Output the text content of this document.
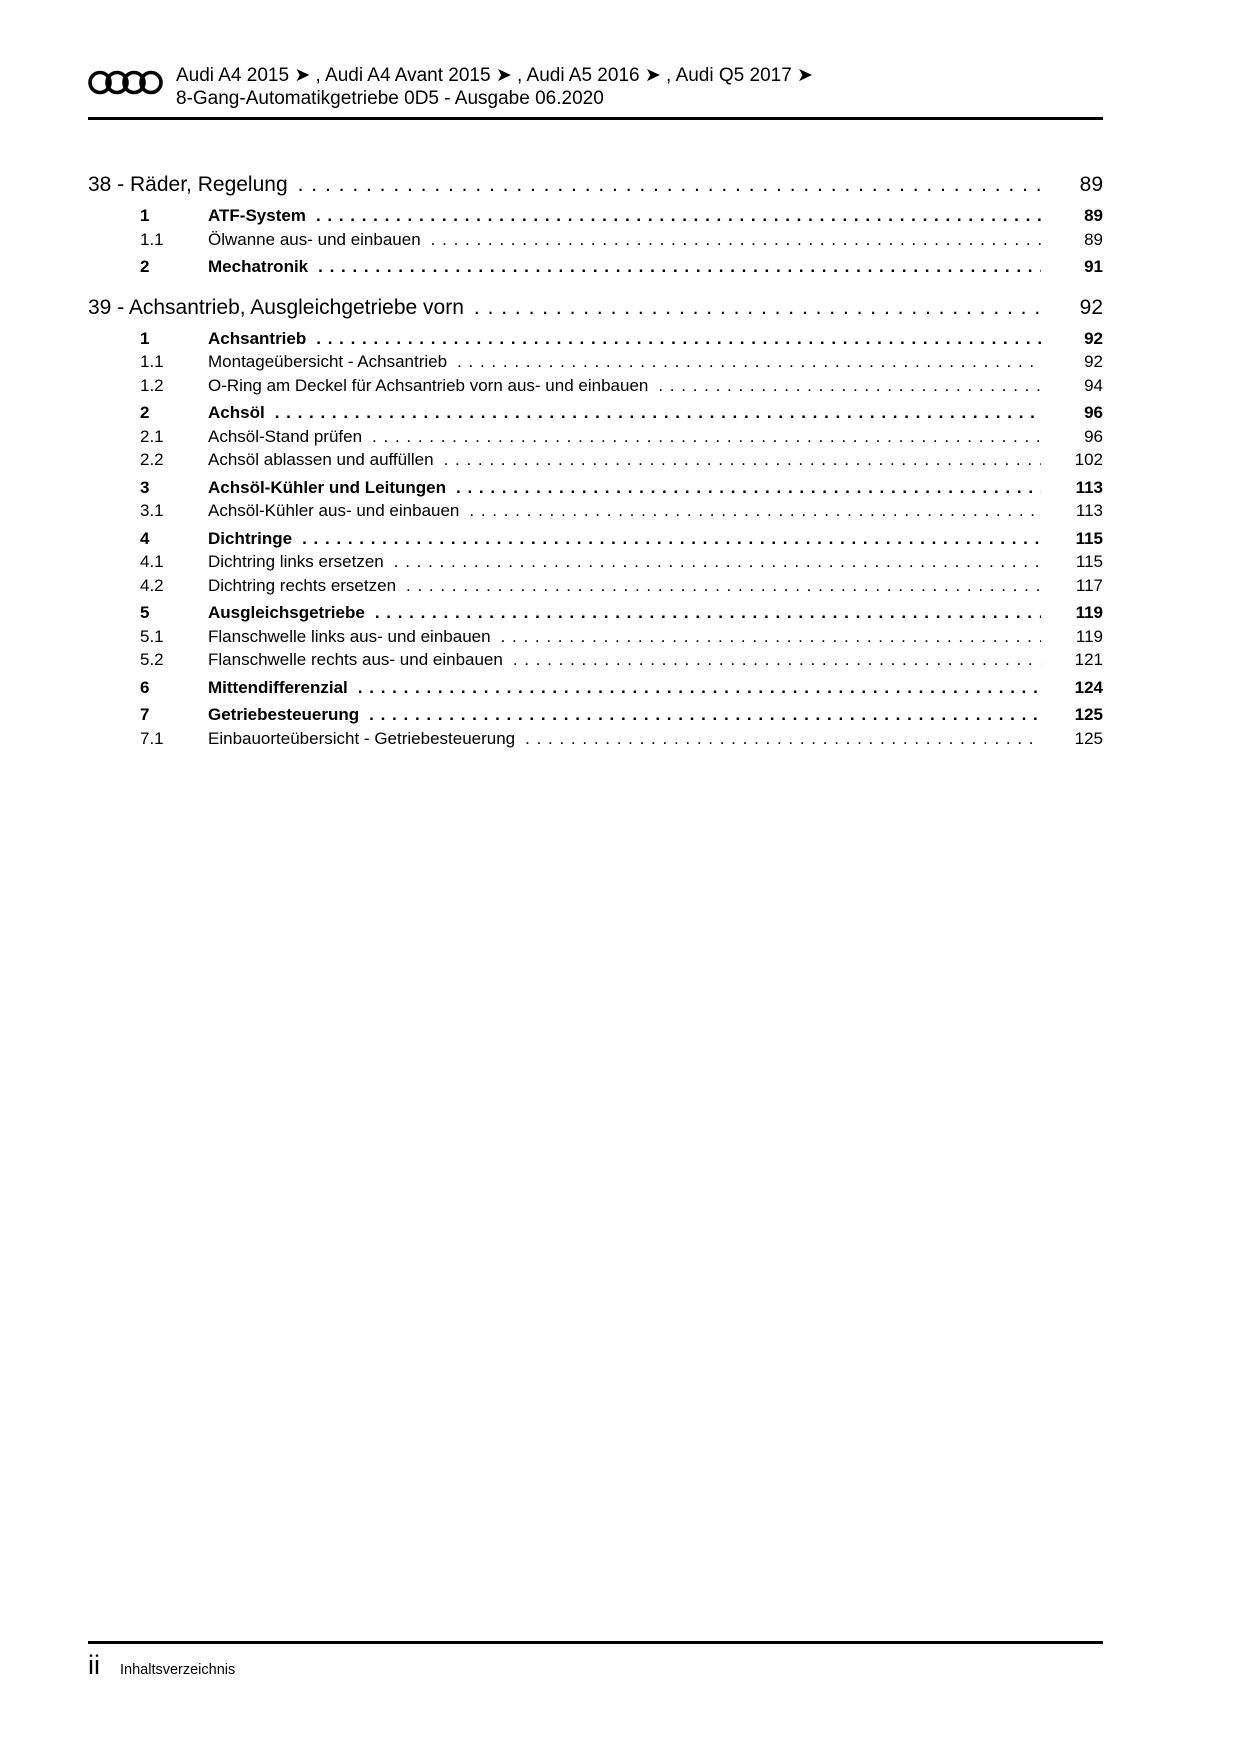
Audi A4 2015 ➤ , Audi A4 Avant 2015 ➤ , Audi A5 2016 ➤ , Audi Q5 2017 ➤
8-Gang-Automatikgetriebe 0D5 - Ausgabe 06.2020
38 - Räder, Regelung . . .	89
1	ATF-System . . .	89
1.1	Ölwanne aus- und einbauen . . .	89
2	Mechatronik . . .	91
39 - Achsantrieb, Ausgleichgetriebe vorn . . .	92
1	Achsantrieb . . .	92
1.1	Montageübersicht - Achsantrieb . . .	92
1.2	O-Ring am Deckel für Achsantrieb vorn aus- und einbauen . . .	94
2	Achsöl . . .	96
2.1	Achsöl-Stand prüfen . . .	96
2.2	Achsöl ablassen und auffüllen . . .	102
3	Achsöl-Kühler und Leitungen . . .	113
3.1	Achsöl-Kühler aus- und einbauen . . .	113
4	Dichtringe . . .	115
4.1	Dichtring links ersetzen . . .	115
4.2	Dichtring rechts ersetzen . . .	117
5	Ausgleichsgetriebe . . .	119
5.1	Flanschwelle links aus- und einbauen . . .	119
5.2	Flanschwelle rechts aus- und einbauen . . .	121
6	Mittendifferenzial . . .	124
7	Getriebesteuerung . . .	125
7.1	Einbauorteübersicht - Getriebesteuerung . . .	125
ii Inhaltsverzeichnis
